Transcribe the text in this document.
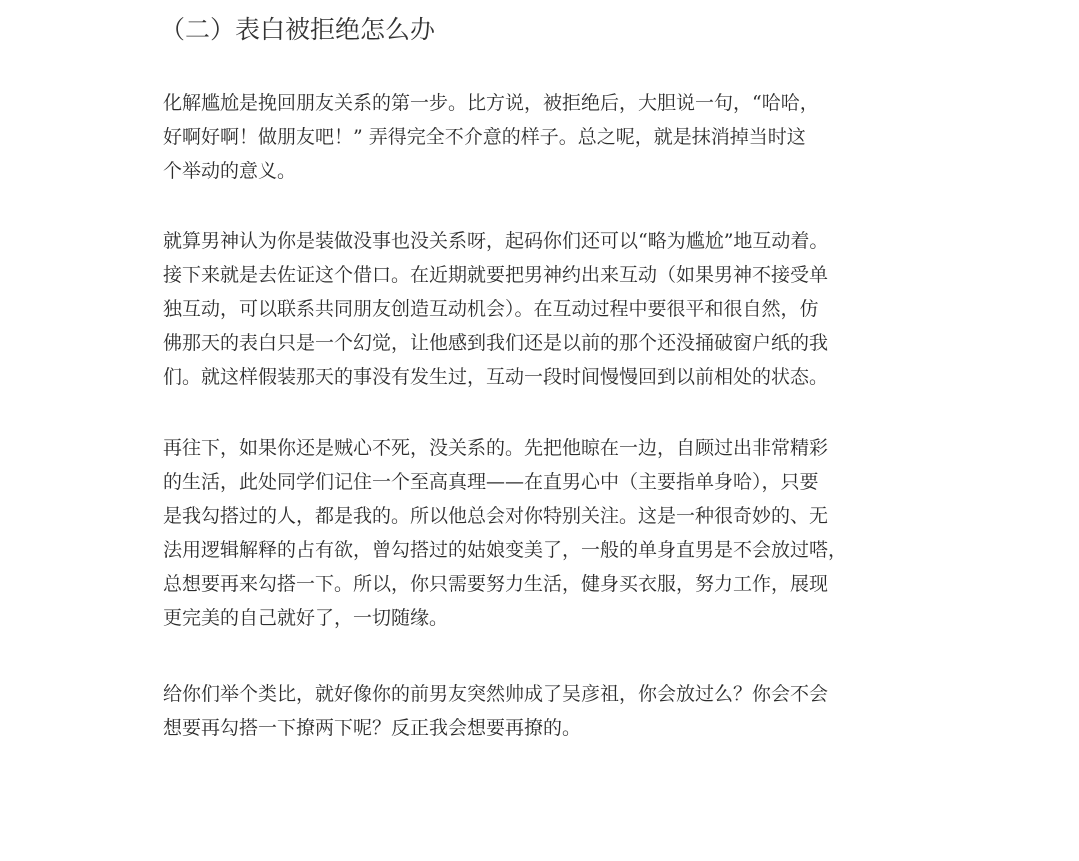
（二）表白被拒绝怎么办
化解尴尬是挽回朋友关系的第一步。比方说，被拒绝后，大胆说一句，“哈哈，
好啊好啊！做朋友吧！” 弄得完全不介意的样子。总之呢，就是抹消掉当时这
个举动的意义。
就算男神认为你是装做没事也没关系呀，起码你们还可以“略为尴尬”地互动着。
接下来就是去佐证这个借口。在近期就要把男神约出来互动（如果男神不接受单
独互动，可以联系共同朋友创造互动机会）。在互动过程中要很平和很自然，仿
佛那天的表白只是一个幻觉，让他感到我们还是以前的那个还没捅破窗户纸的我
们。就这样假装那天的事没有发生过，互动一段时间慢慢回到以前相处的状态。
再往下，如果你还是贼心不死，没关系的。先把他晾在一边，自顾过出非常精彩
的生活，此处同学们记住一个至高真理——在直男心中（主要指单身哈），只要
是我勾搭过的人，都是我的。所以他总会对你特别关注。这是一种很奇妙的、无
法用逻辑解释的占有欲，曾勾搭过的姑娘变美了，一般的单身直男是不会放过嗒，
总想要再来勾搭一下。所以，你只需要努力生活，健身买衣服，努力工作，展现
更完美的自己就好了，一切随缘。
给你们举个类比，就好像你的前男友突然帅成了吴彦祖，你会放过么？你会不会
想要再勾搭一下撩两下呢？反正我会想要再撩的。
